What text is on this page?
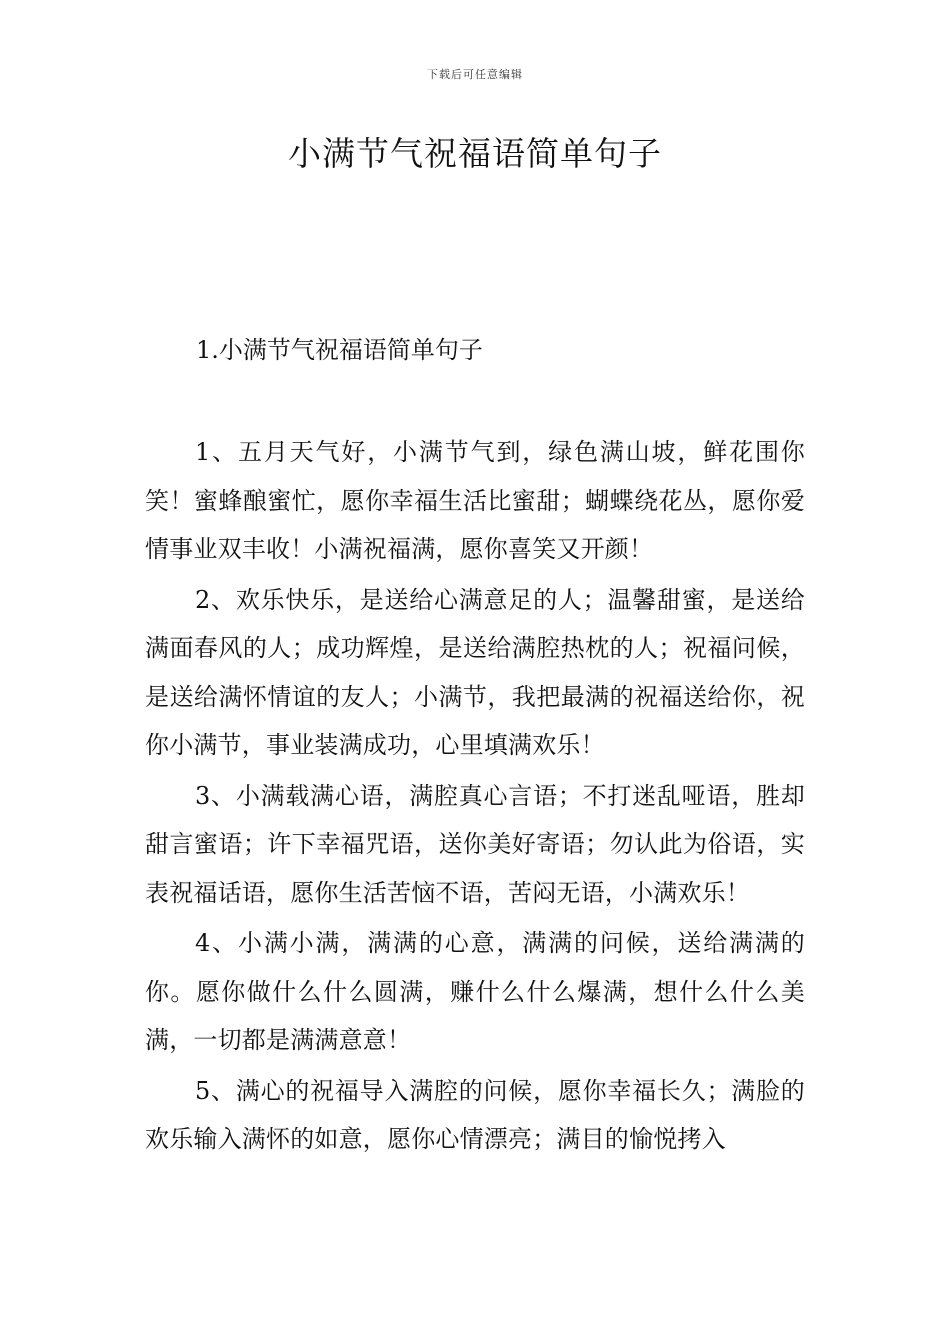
下载后可任意编辑
小满节气祝福语简单句子
1.小满节气祝福语简单句子

1、五月天气好，小满节气到，绿色满山坡，鲜花围你笑！蜜蜂酿蜜忙，愿你幸福生活比蜜甜；蝴蝶绕花丛，愿你爱情事业双丰收！小满祝福满，愿你喜笑又开颜！

2、欢乐快乐，是送给心满意足的人；温馨甜蜜，是送给满面春风的人；成功辉煌，是送给满腔热枕的人；祝福问候，是送给满怀情谊的友人；小满节，我把最满的祝福送给你，祝你小满节，事业装满成功，心里填满欢乐！

3、小满载满心语，满腔真心言语；不打迷乱哑语，胜却甜言蜜语；许下幸福咒语，送你美好寄语；勿认此为俗语，实表祝福话语，愿你生活苦恼不语，苦闷无语，小满欢乐！

4、小满小满，满满的心意，满满的问候，送给满满的你。愿你做什么什么圆满，赚什么什么爆满，想什么什么美满，一切都是满满意意！

5、满心的祝福导入满腔的问候，愿你幸福长久；满脸的欢乐输入满怀的如意，愿你心情漂亮；满目的愉悦拷入
